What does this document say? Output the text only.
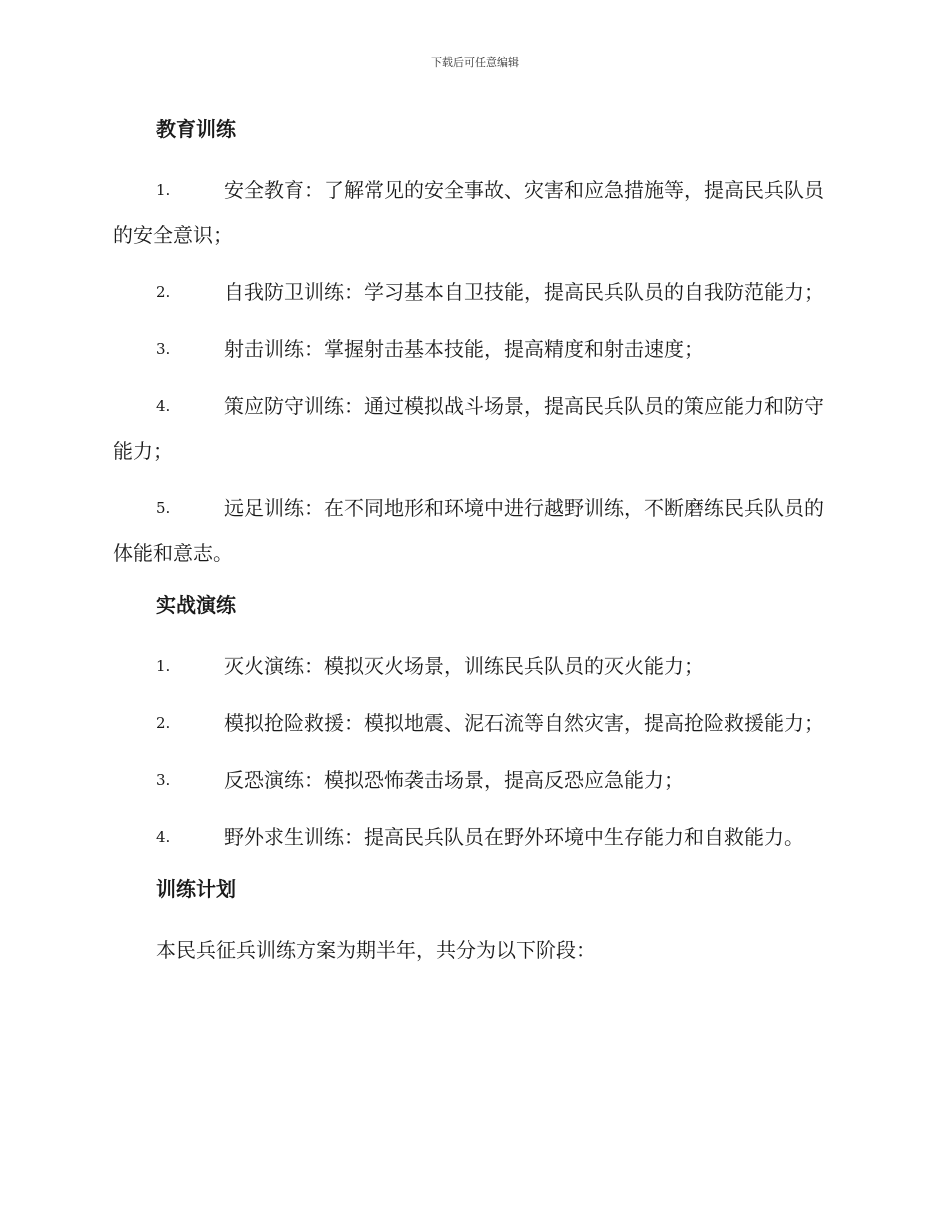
下载后可任意编辑
教育训练
1.	安全教育：了解常见的安全事故、灾害和应急措施等，提高民兵队员的安全意识；
2.	自我防卫训练：学习基本自卫技能，提高民兵队员的自我防范能力；
3.	射击训练：掌握射击基本技能，提高精度和射击速度；
4.	策应防守训练：通过模拟战斗场景，提高民兵队员的策应能力和防守能力；
5.	远足训练：在不同地形和环境中进行越野训练，不断磨练民兵队员的体能和意志。
实战演练
1.	灭火演练：模拟灭火场景，训练民兵队员的灭火能力；
2.	模拟抢险救援：模拟地震、泥石流等自然灾害，提高抢险救援能力；
3.	反恐演练：模拟恐怖袭击场景，提高反恐应急能力；
4.	野外求生训练：提高民兵队员在野外环境中生存能力和自救能力。
训练计划
本民兵征兵训练方案为期半年，共分为以下阶段：
